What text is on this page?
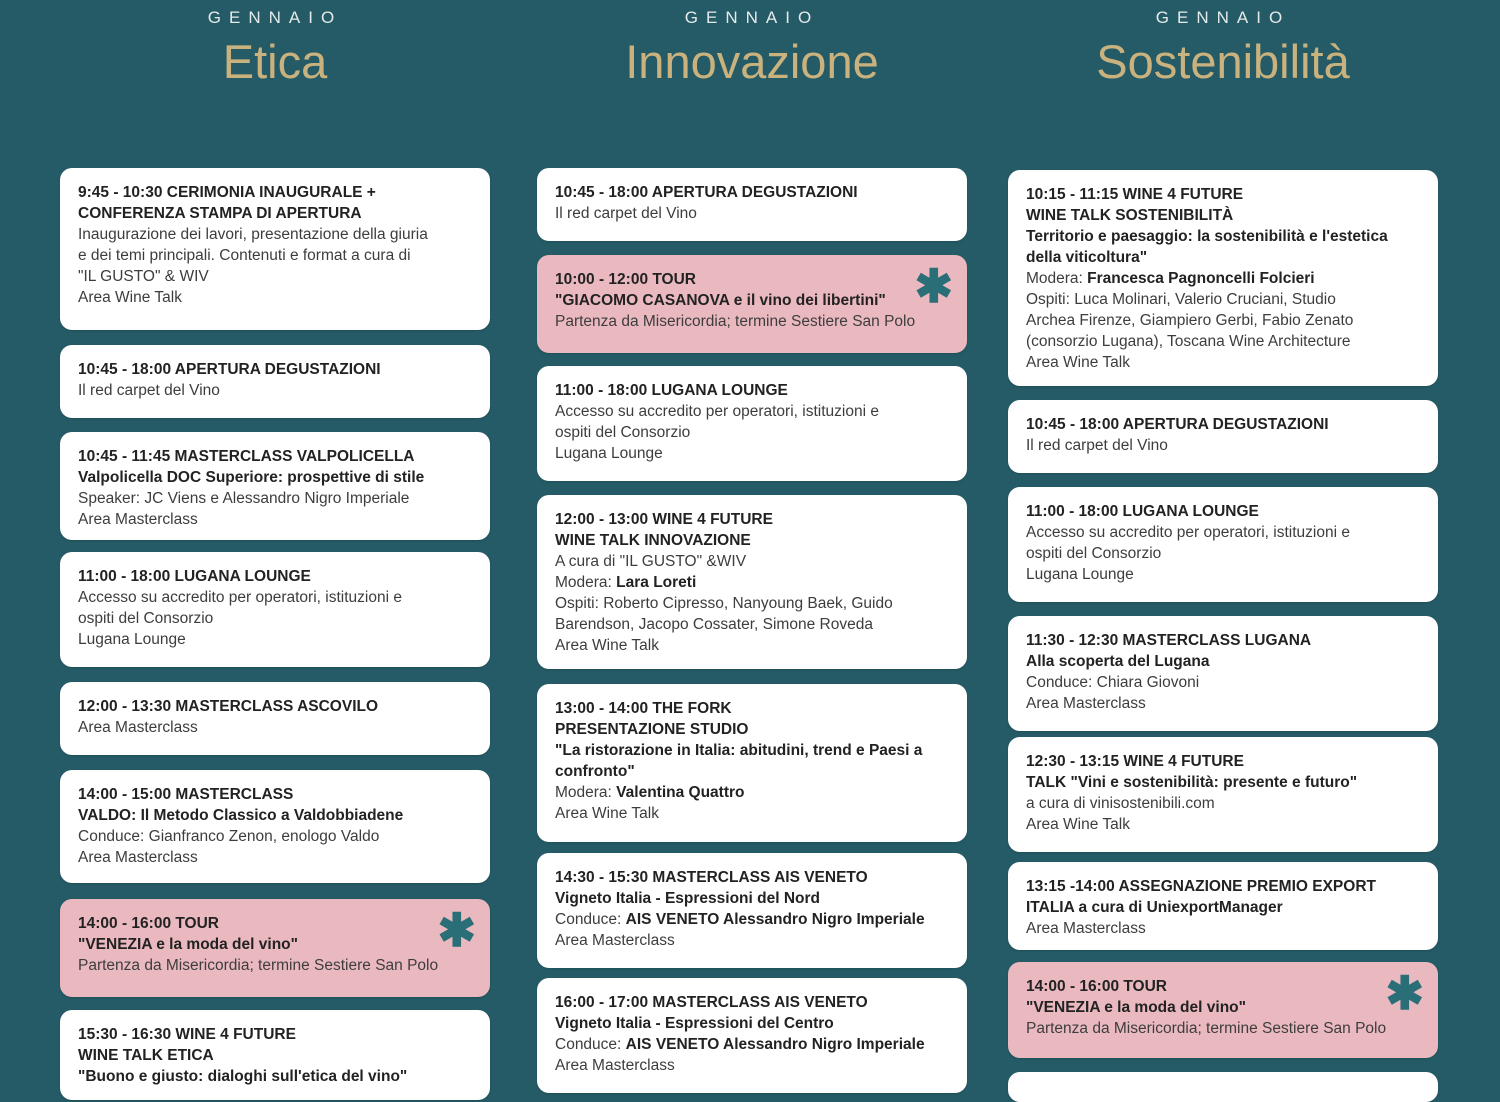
GENNAIO
Etica
9:45 - 10:30 CERIMONIA INAUGURALE +
CONFERENZA STAMPA DI APERTURA
Inaugurazione dei lavori, presentazione della giuria
e dei temi principali. Contenuti e format a cura di
"IL GUSTO" & WIV
Area Wine Talk
10:45 - 18:00 APERTURA DEGUSTAZIONI
Il red carpet del Vino
10:45 - 11:45 MASTERCLASS VALPOLICELLA
Valpolicella DOC Superiore: prospettive di stile
Speaker: JC Viens e Alessandro Nigro Imperiale
Area Masterclass
11:00 - 18:00 LUGANA LOUNGE
Accesso su accredito per operatori, istituzioni e
ospiti del Consorzio
Lugana Lounge
12:00 - 13:30 MASTERCLASS ASCOVILO
Area Masterclass
14:00 - 15:00 MASTERCLASS
VALDO: Il Metodo Classico a Valdobbiadene
Conduce: Gianfranco Zenon, enologo Valdo
Area Masterclass
14:00 - 16:00 TOUR
"VENEZIA e la moda del vino"
Partenza da Misericordia; termine Sestiere San Polo
✱
15:30 - 16:30 WINE 4 FUTURE
WINE TALK ETICA
"Buono e giusto: dialoghi sull'etica del vino"
GENNAIO
Innovazione
10:45 - 18:00 APERTURA DEGUSTAZIONI
Il red carpet del Vino
10:00 - 12:00 TOUR
"GIACOMO CASANOVA e il vino dei libertini"
Partenza da Misericordia; termine Sestiere San Polo
✱
11:00 - 18:00 LUGANA LOUNGE
Accesso su accredito per operatori, istituzioni e
ospiti del Consorzio
Lugana Lounge
12:00 - 13:00 WINE 4 FUTURE
WINE TALK INNOVAZIONE
A cura di "IL GUSTO" &WIV
Modera: Lara Loreti
Ospiti: Roberto Cipresso, Nanyoung Baek, Guido
Barendson, Jacopo Cossater, Simone Roveda
Area Wine Talk
13:00 - 14:00 THE FORK
PRESENTAZIONE STUDIO
"La ristorazione in Italia: abitudini, trend e Paesi a
confronto"
Modera: Valentina Quattro
Area Wine Talk
14:30 - 15:30 MASTERCLASS AIS VENETO
Vigneto Italia - Espressioni del Nord
Conduce: AIS VENETO Alessandro Nigro Imperiale
Area Masterclass
16:00 - 17:00 MASTERCLASS AIS VENETO
Vigneto Italia - Espressioni del Centro
Conduce: AIS VENETO Alessandro Nigro Imperiale
Area Masterclass
GENNAIO
Sostenibilità
10:15 - 11:15 WINE 4 FUTURE
WINE TALK SOSTENIBILITÀ
Territorio e paesaggio: la sostenibilità e l'estetica
della viticoltura"
Modera: Francesca Pagnoncelli Folcieri
Ospiti: Luca Molinari, Valerio Cruciani, Studio
Archea Firenze, Giampiero Gerbi, Fabio Zenato
(consorzio Lugana), Toscana Wine Architecture
Area Wine Talk
10:45 - 18:00 APERTURA DEGUSTAZIONI
Il red carpet del Vino
11:00 - 18:00 LUGANA LOUNGE
Accesso su accredito per operatori, istituzioni e
ospiti del Consorzio
Lugana Lounge
11:30 - 12:30 MASTERCLASS LUGANA
Alla scoperta del Lugana
Conduce: Chiara Giovoni
Area Masterclass
12:30 - 13:15 WINE 4 FUTURE
TALK "Vini e sostenibilità: presente e futuro"
a cura di vinisostenibili.com
Area Wine Talk
13:15 -14:00 ASSEGNAZIONE PREMIO EXPORT
ITALIA a cura di UniexportManager
Area Masterclass
14:00 - 16:00 TOUR
"VENEZIA e la moda del vino"
Partenza da Misericordia; termine Sestiere San Polo
✱
